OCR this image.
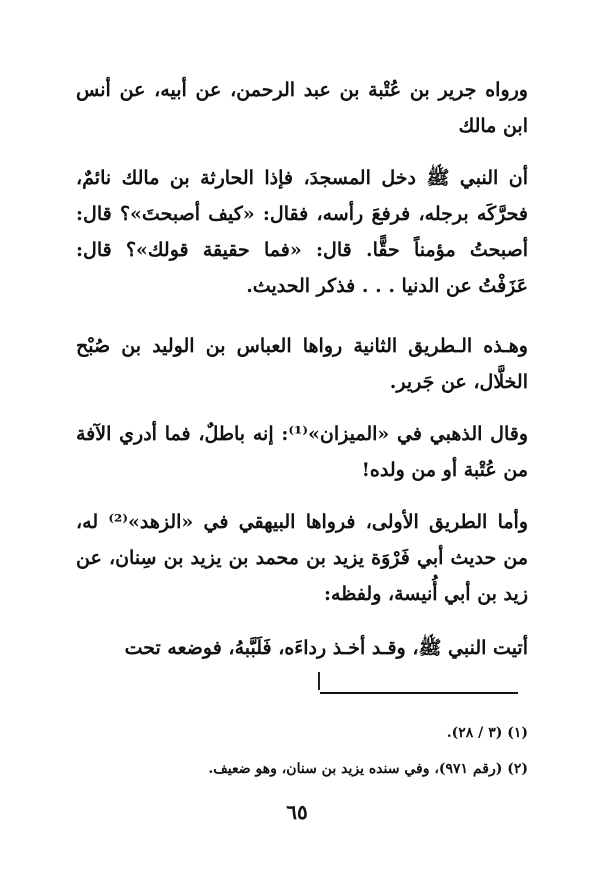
ورواه جرير بن عُتْبة بن عبد الرحمن، عن أبيه، عن أنس ابن مالك
أن النبي ﷺ دخل المسجدَ، فإذا الحارثة بن مالك نائمٌ، فحرَّكَه برجله، فرفعَ رأسه، فقال: «كيف أصبحتَ»؟ قال: أصبحتُ مؤمناً حقًّا. قال: «فما حقيقة قولك»؟ قال: عَزَفْتُ عن الدنيا . . . فذكر الحديث.
وهـذه الـطريق الثانية رواها العباس بن الوليد بن صُبْح الخلَّال، عن جَرير.
وقال الذهبي في «الميزان»⁽¹⁾: إنه باطلٌ، فما أدري الآفة من عُتْبة أو من ولده!
وأما الطريق الأولى، فرواها البيهقي في «الزهد»⁽²⁾ له، من حديث أبي فَرْوَة يزيد بن محمد بن يزيد بن سِنان، عن زيد بن أبي أُنيسة، ولفظه:
أتيت النبي ﷺ، وقـد أخـذ رداءَه، فَلَبَّبهُ، فوضعه تحت
(١) (٣ / ٢٨).
(٢) (رقم ٩٧١)، وفي سنده يزيد بن سنان، وهو ضعيف.
٦٥
